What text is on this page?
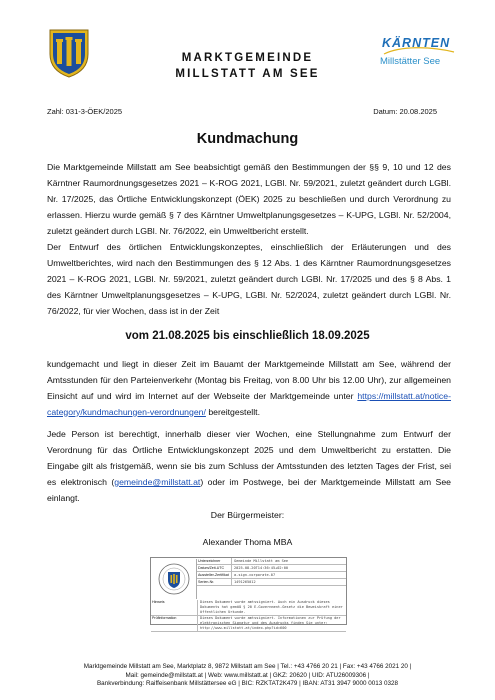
MARKTGEMEINDE
MILLSTATT AM SEE
KÄRNTEN
Millstätter See
Zahl: 031-3-ÖEK/2025	Datum: 20.08.2025
Kundmachung

Die Marktgemeinde Millstatt am See beabsichtigt gemäß den Bestimmungen der §§ 9, 10 und 12 des Kärntner Raumordnungsgesetzes 2021 – K-ROG 2021, LGBl. Nr. 59/2021, zuletzt geändert durch LGBl. Nr. 17/2025, das Örtliche Entwicklungskonzept (ÖEK) 2025 zu beschließen und durch Verordnung zu erlassen. Hierzu wurde gemäß § 7 des Kärntner Umweltplanungsgesetzes – K-UPG, LGBl. Nr. 52/2004, zuletzt geändert durch LGBl. Nr. 76/2022, ein Umweltbericht erstellt.

Der Entwurf des örtlichen Entwicklungskonzeptes, einschließlich der Erläuterungen und des Umweltberichtes, wird nach den Bestimmungen des § 12 Abs. 1 des Kärntner Raumordnungsgesetzes 2021 – K-ROG 2021, LGBl. Nr. 59/2021, zuletzt geändert durch LGBl. Nr. 17/2025 und des § 8 Abs. 1 des Kärntner Umweltplanungsgesetzes – K-UPG, LGBl. Nr. 52/2024, zuletzt geändert durch LGBl. Nr. 76/2022, für vier Wochen, dass ist in der Zeit

vom 21.08.2025 bis einschließlich 18.09.2025

kundgemacht und liegt in dieser Zeit im Bauamt der Marktgemeinde Millstatt am See, während der Amtsstunden für den Parteienverkehr (Montag bis Freitag, von 8.00 Uhr bis 12.00 Uhr), zur allgemeinen Einsicht auf und wird im Internet auf der Webseite der Marktgemeinde unter https://millstatt.at/notice-category/kundmachungen-verordnungen/ bereitgestellt.

Jede Person ist berechtigt, innerhalb dieser vier Wochen, eine Stellungnahme zum Entwurf der Verordnung für das Örtliche Entwicklungskonzept 2025 und dem Umweltbericht zu erstatten. Die Eingabe gilt als fristgemäß, wenn sie bis zum Schluss der Amtsstunden des letzten Tages der Frist, sei es elektronisch (gemeinde@millstatt.at) oder im Postwege, bei der Marktgemeinde Millstatt am See einlangt.

Der Bürgermeister:
Alexander Thoma MBA
Unterzeichner	Gemeinde Millstatt am See
Datum/Zeit-UTC	2025-08-20T14:36:45+02:00
Aussteller-Zertifikat	a-sign-corporate-07
Serien-Nr.	1491265012
Hinweis	Dieses Dokument wurde amtssigniert. Auch ein Ausdruck dieses Dokuments hat gemäß § 20 E-Government-Gesetz die Beweiskraft einer öffentlichen Urkunde.
Prüfinformation	Dieses Dokument wurde amtssigniert. Informationen zur Prüfung der elektronischen Signatur und des Ausdrucks finden Sie unter: http://www.millstatt.at/index.php?id=600
Marktgemeinde Millstatt am See, Marktplatz 8, 9872 Millstatt am See | Tel.: +43 4766 20 21 | Fax: +43 4766 2021 20 |
Mail: gemeinde@millstatt.at | Web: www.millstatt.at | GKZ: 20620 | UID: ATU26009306 |
Bankverbindung: Raiffeisenbank Millstättersee eG | BIC: RZKTAT2K479 | IBAN: AT31 3947 9000 0013 0328
